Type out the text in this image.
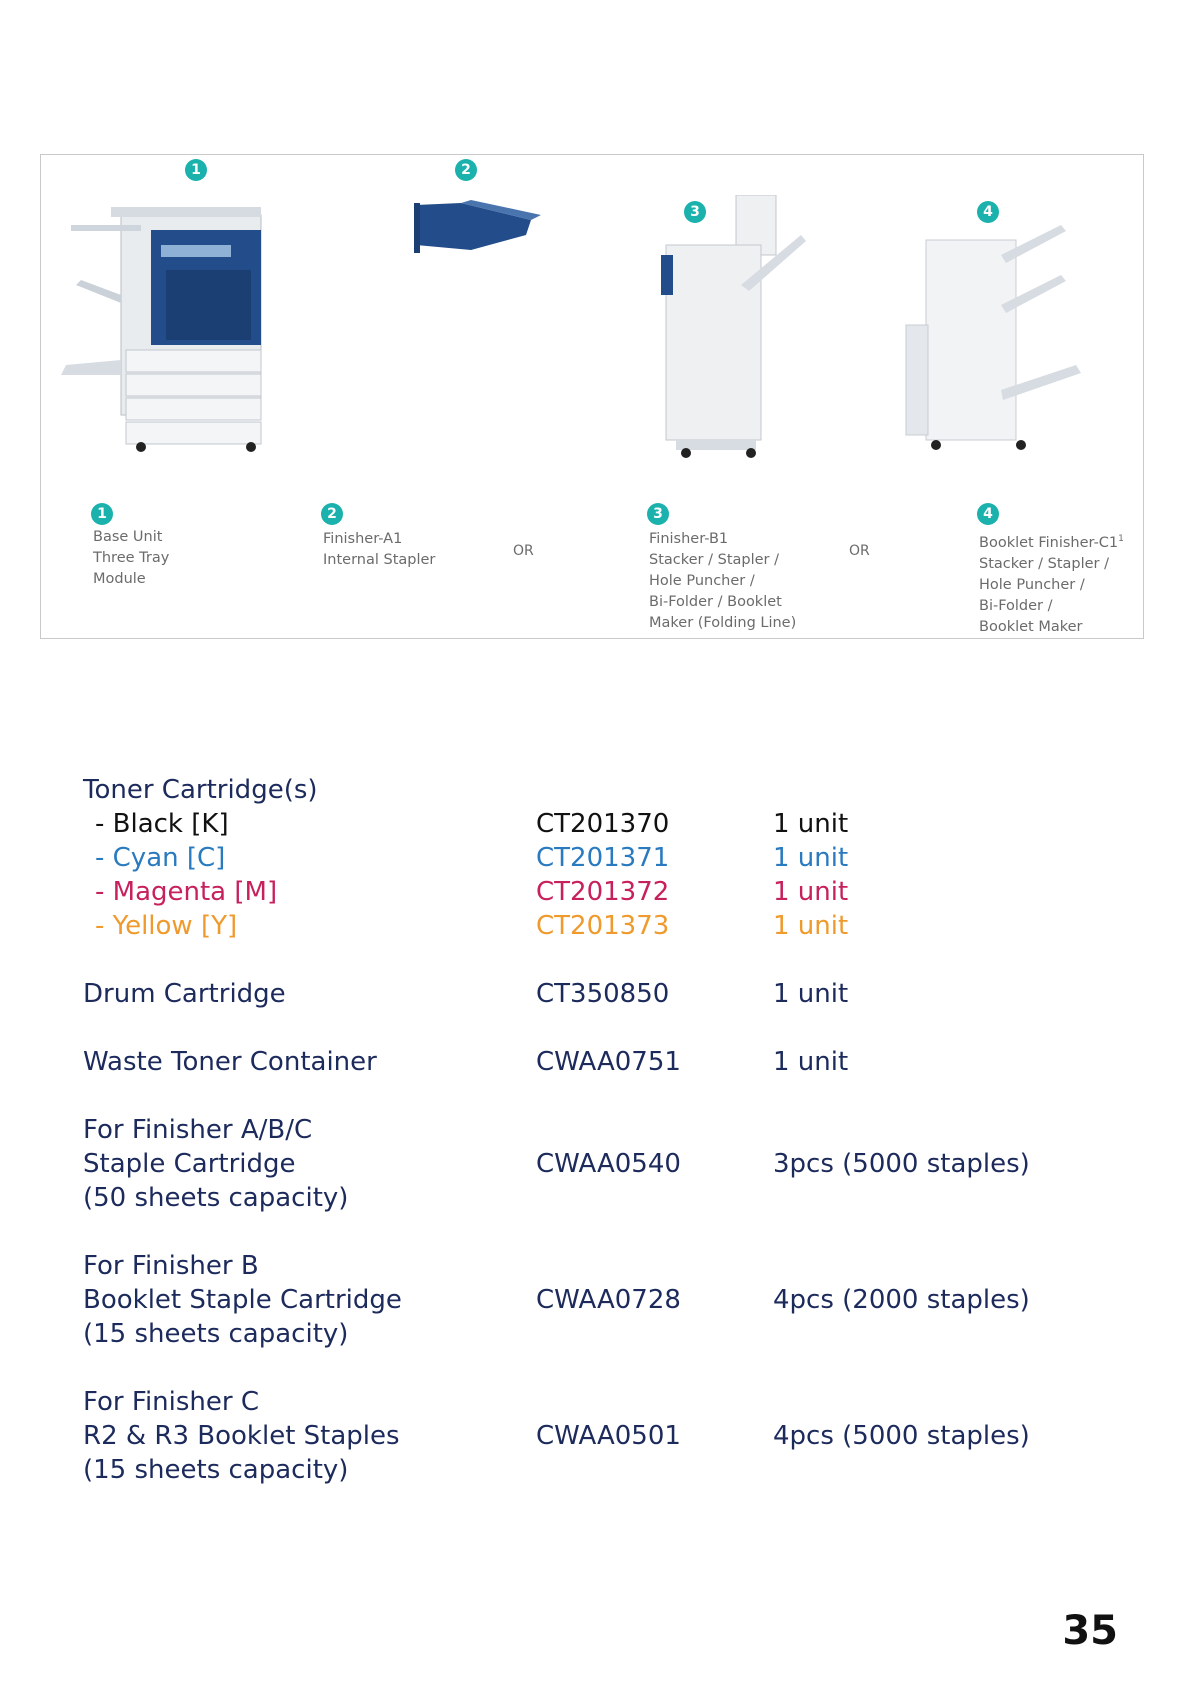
1	2
3	4
1
Base Unit
Three Tray
Module
2
Finisher-A1
Internal Stapler
OR
3
Finisher-B1
Stacker / Stapler /
Hole Puncher /
Bi-Folder / Booklet
Maker (Folding Line)
OR
4
Booklet Finisher-$C1^1$
Stacker / Stapler /
Hole Puncher /
Bi-Folder /
Booklet Maker
Toner Cartridge(s)
- Black [K]	CT201370	1 unit
- Cyan [C]	CT201371	1 unit
- Magenta [M]	CT201372	1 unit
- Yellow [Y]	CT201373	1 unit
Drum Cartridge	CT350850	1 unit
Waste Toner Container	CWAA0751	1 unit
For Finisher A/B/C
Staple Cartridge
(50 sheets capacity)
CWAA0540	3pcs (5000 staples)
For Finisher B
Booklet Staple Cartridge
(15 sheets capacity)
CWAA0728	4pcs (2000 staples)
For Finisher C
R2 & R3 Booklet Staples
(15 sheets capacity)
CWAA0501	4pcs (5000 staples)
35
